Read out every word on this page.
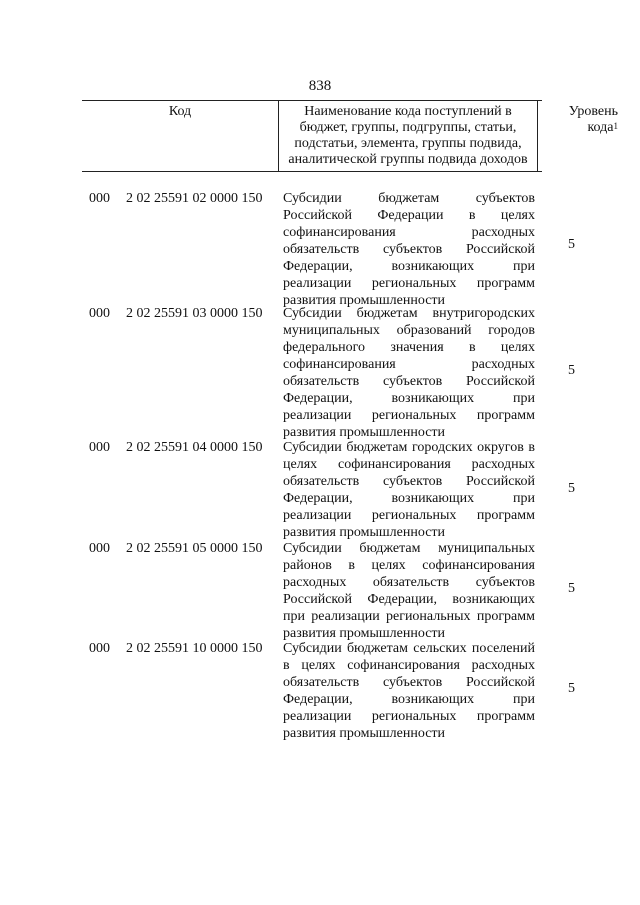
838
Код	Наименование кода поступлений в бюджет, группы, подгруппы, статьи, подстатьи, элемента, группы подвида, аналитической группы подвида доходов
Уровень кода$^1$
000 2 02 25591 02 0000 150 Субсидии бюджетам субъектов Российской Федерации в целях софинансирования расходных обязательств субъектов Российской Федерации, возникающих при реализации региональных программ развития промышленности
5
000 2 02 25591 03 0000 150 Субсидии бюджетам внутригородских муниципальных образований городов федерального значения в целях софинансирования расходных обязательств субъектов Российской Федерации, возникающих при реализации региональных программ развития промышленности
5
000 2 02 25591 04 0000 150 Субсидии бюджетам городских округов в целях софинансирования расходных обязательств субъектов Российской Федерации, возникающих при реализации региональных программ развития промышленности
5
000 2 02 25591 05 0000 150 Субсидии бюджетам муниципальных районов в целях софинансирования расходных обязательств субъектов Российской Федерации, возникающих при реализации региональных программ развития промышленности
5
000 2 02 25591 10 0000 150 Субсидии бюджетам сельских поселений в целях софинансирования расходных обязательств субъектов Российской Федерации, возникающих при реализации региональных программ развития промышленности
5
